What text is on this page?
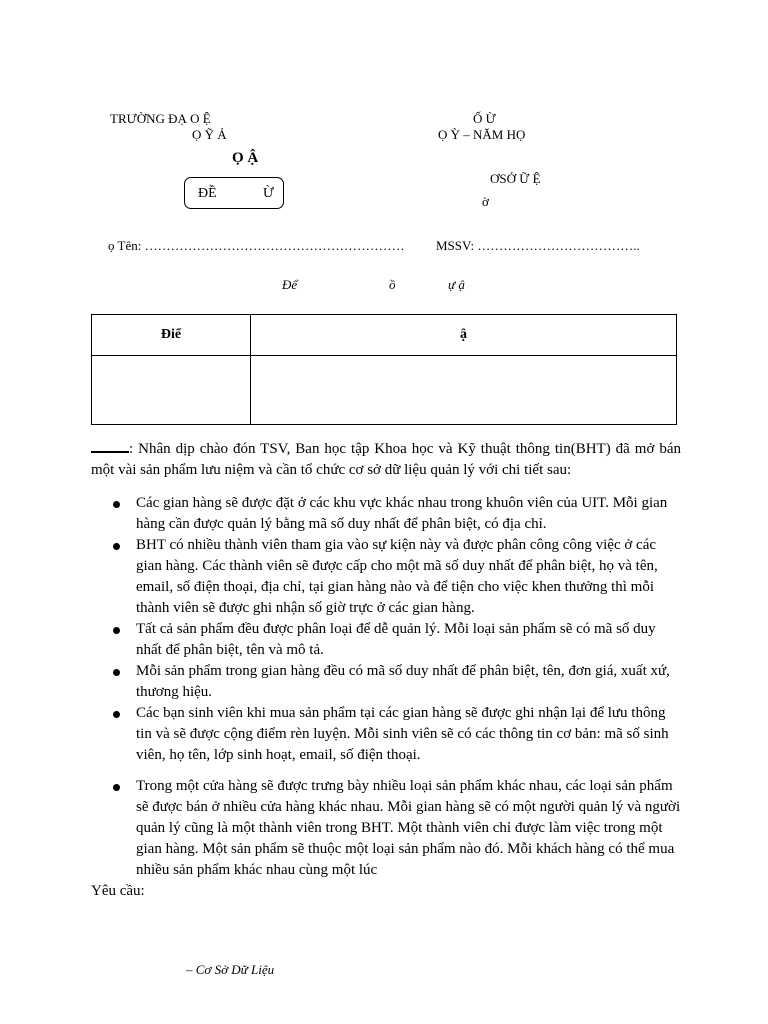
TRƯỜNG ĐẠ O Ệ
Ọ Ỹ Ả
Ọ Ậ
ĐỀ	Ừ
Ố Ừ
Ọ Ỳ – NĂM HỌ
ƠSỞ Ữ Ệ
ờ
ọ Tên: …………………………………………………… MSSV: ………………………………..
Để	ồ	ự ậ
Điể	ậ

: Nhân dịp chào đón TSV, Ban học tập Khoa học và Kỹ thuật thông tin(BHT) đã mở bán một vài sản phẩm lưu niệm và cần tổ chức cơ sở dữ liệu quản lý với chi tiết sau:

Các gian hàng sẽ được đặt ở các khu vực khác nhau trong khuôn viên của UIT. Mỗi gian hàng cần được quản lý bằng mã số duy nhất để phân biệt, có địa chỉ.
BHT có nhiều thành viên tham gia vào sự kiện này và được phân công công việc ở các gian hàng. Các thành viên sẽ được cấp cho một mã số duy nhất để phân biệt, họ và tên, email, số điện thoại, địa chỉ, tại gian hàng nào và để tiện cho việc khen thưởng thì mỗi thành viên sẽ được ghi nhận số giờ trực ở các gian hàng.
Tất cả sản phẩm đều được phân loại để dễ quản lý. Mỗi loại sản phẩm sẽ có mã số duy nhất để phân biệt, tên và mô tả.
Mỗi sản phẩm trong gian hàng đều có mã số duy nhất để phân biệt, tên, đơn giá, xuất xứ, thương hiệu.
Các bạn sinh viên khi mua sản phẩm tại các gian hàng sẽ được ghi nhận lại để lưu thông tin và sẽ được cộng điểm rèn luyện. Mỗi sinh viên sẽ có các thông tin cơ bản: mã số sinh viên, họ tên, lớp sinh hoạt, email, số điện thoại.
Trong một cửa hàng sẽ được trưng bày nhiều loại sản phẩm khác nhau, các loại sản phẩm sẽ được bán ở nhiều cửa hàng khác nhau. Mỗi gian hàng sẽ có một người quản lý và người quản lý cũng là một thành viên trong BHT. Một thành viên chỉ được làm việc trong một gian hàng. Một sản phẩm sẽ thuộc một loại sản phẩm nào đó. Mỗi khách hàng có thể mua nhiều sản phẩm khác nhau cùng một lúc

Yêu cầu:

– Cơ Sở Dữ Liệu
